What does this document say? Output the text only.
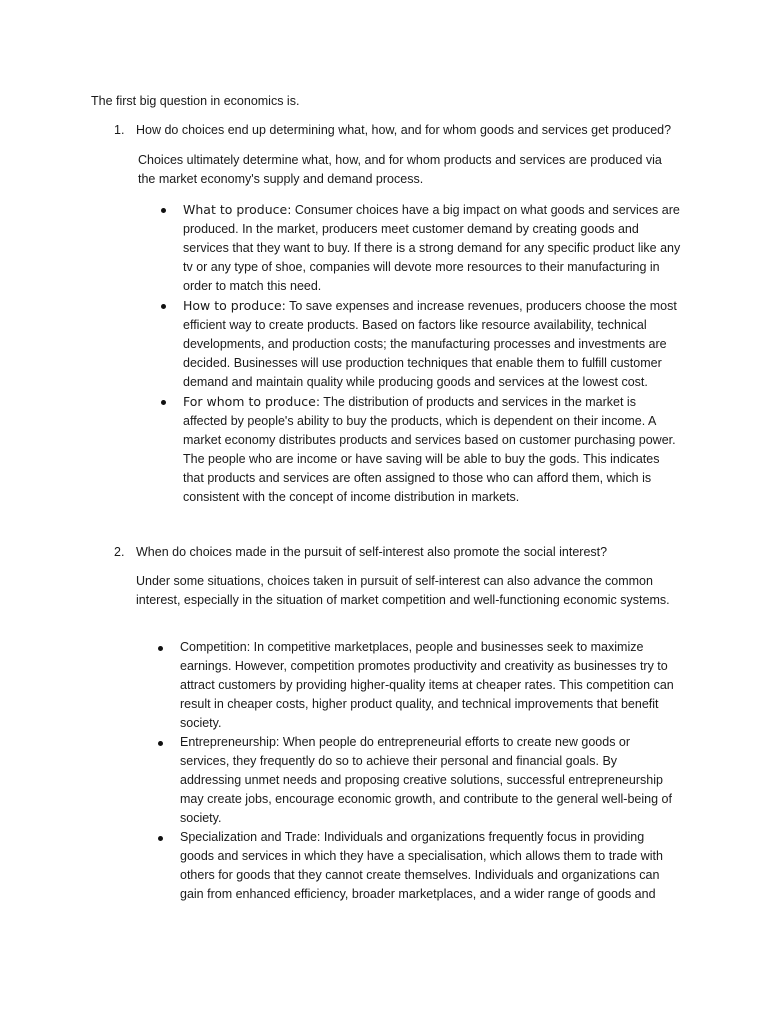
The first big question in economics is.
1. How do choices end up determining what, how, and for whom goods and services get produced?
Choices ultimately determine what, how, and for whom products and services are produced via the market economy's supply and demand process.
What to produce: Consumer choices have a big impact on what goods and services are produced. In the market, producers meet customer demand by creating goods and services that they want to buy. If there is a strong demand for any specific product like any tv or any type of shoe, companies will devote more resources to their manufacturing in order to match this need.
How to produce: To save expenses and increase revenues, producers choose the most efficient way to create products. Based on factors like resource availability, technical developments, and production costs; the manufacturing processes and investments are decided. Businesses will use production techniques that enable them to fulfill customer demand and maintain quality while producing goods and services at the lowest cost.
For whom to produce: The distribution of products and services in the market is affected by people's ability to buy the products, which is dependent on their income. A market economy distributes products and services based on customer purchasing power. The people who are income or have saving will be able to buy the gods. This indicates that products and services are often assigned to those who can afford them, which is consistent with the concept of income distribution in markets.
2. When do choices made in the pursuit of self-interest also promote the social interest?
Under some situations, choices taken in pursuit of self-interest can also advance the common interest, especially in the situation of market competition and well-functioning economic systems.
Competition: In competitive marketplaces, people and businesses seek to maximize earnings. However, competition promotes productivity and creativity as businesses try to attract customers by providing higher-quality items at cheaper rates. This competition can result in cheaper costs, higher product quality, and technical improvements that benefit society.
Entrepreneurship: When people do entrepreneurial efforts to create new goods or services, they frequently do so to achieve their personal and financial goals. By addressing unmet needs and proposing creative solutions, successful entrepreneurship may create jobs, encourage economic growth, and contribute to the general well-being of society.
Specialization and Trade: Individuals and organizations frequently focus in providing goods and services in which they have a specialisation, which allows them to trade with others for goods that they cannot create themselves. Individuals and organizations can gain from enhanced efficiency, broader marketplaces, and a wider range of goods and
